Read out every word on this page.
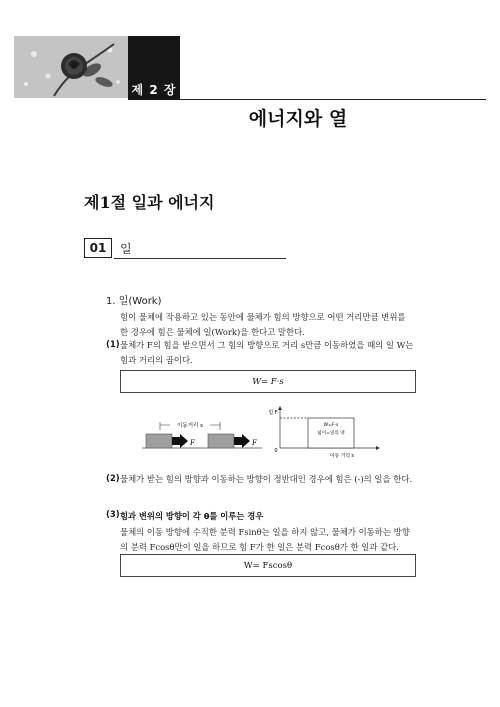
제 2 장
에너지와 열
제1절 일과 에너지
01	일
1. 일(Work)
힘이 물체에 작용하고 있는 동안에 물체가 힘의 방향으로 어떤 거리만큼 변위를 한 경우에 힘은 물체에 일(Work)을 한다고 말한다.
(1) 물체가 F의 힘을 받으면서 그 힘의 방향으로 거리 s만큼 이동하였을 때의 일 W는 힘과 거리의 곱이다.
W= F·s
F	F
이동거리 s
힘 F
0
W=F·s
넓이=일의 양
이동 거리 s
(2) 물체가 받는 힘의 방향과 이동하는 방향이 정반대인 경우에 힘은 (-)의 일을 한다.
(3) 힘과 변위의 방향이 각 θ를 이루는 경우
물체의 이동 방향에 수직한 분력 Fsinθ는 일을 하지 않고, 물체가 이동하는 방향의 분력 Fcosθ만이 일을 하므로 힘 F가 한 일은 분력 Fcosθ가 한 일과 같다.
W= Fscosθ
